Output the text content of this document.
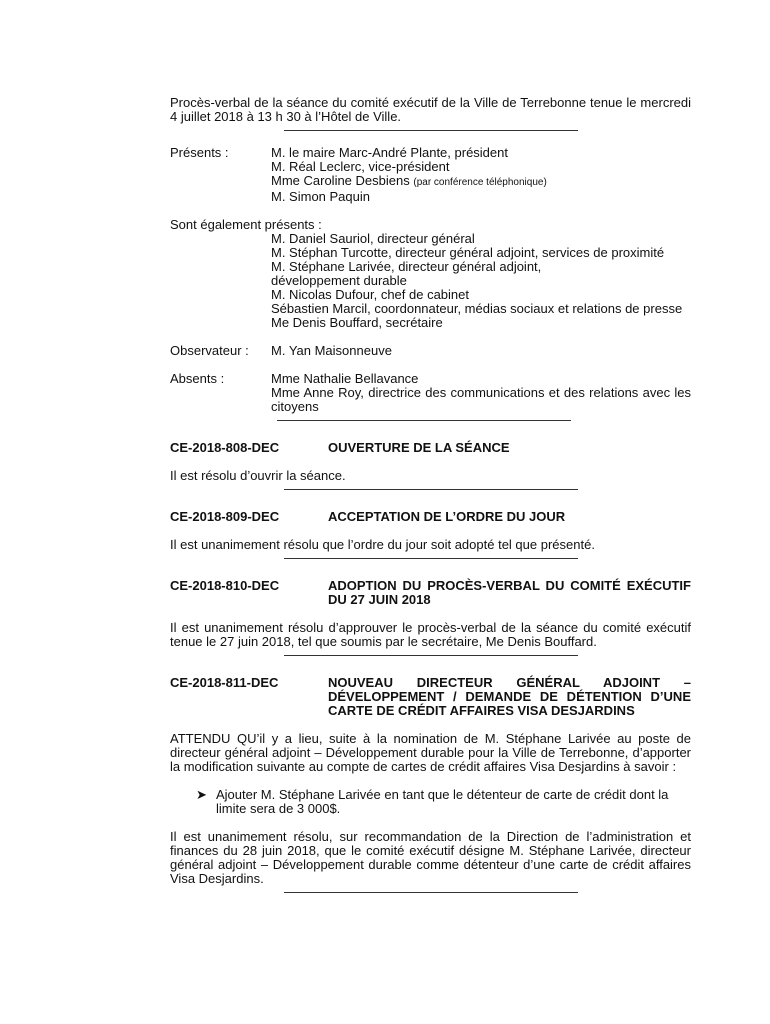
Procès-verbal de la séance du comité exécutif de la Ville de Terrebonne tenue le mercredi 4 juillet 2018 à 13 h 30 à l’Hôtel de Ville.
Présents :	M. le maire Marc-André Plante, président
M. Réal Leclerc, vice-président
Mme Caroline Desbiens (par conférence téléphonique)
M. Simon Paquin
Sont également présents :
M. Daniel Sauriol, directeur général
M. Stéphan Turcotte, directeur général adjoint, services de proximité
M. Stéphane Larivée, directeur général adjoint,
développement durable
M. Nicolas Dufour, chef de cabinet
Sébastien Marcil, coordonnateur, médias sociaux et relations de presse
Me Denis Bouffard, secrétaire
Observateur :	M. Yan Maisonneuve
Absents :	Mme Nathalie Bellavance
Mme Anne Roy, directrice des communications et des relations avec les citoyens
CE-2018-808-DEC	OUVERTURE DE LA SÉANCE
Il est résolu d’ouvrir la séance.
CE-2018-809-DEC	ACCEPTATION DE L’ORDRE DU JOUR
Il est unanimement résolu que l’ordre du jour soit adopté tel que présenté.
CE-2018-810-DEC	ADOPTION DU PROCÈS-VERBAL DU COMITÉ EXÉCUTIF DU 27 JUIN 2018
Il est unanimement résolu d’approuver le procès-verbal de la séance du comité exécutif tenue le 27 juin 2018, tel que soumis par le secrétaire, Me Denis Bouffard.
CE-2018-811-DEC	NOUVEAU DIRECTEUR GÉNÉRAL ADJOINT – DÉVELOPPEMENT / DEMANDE DE DÉTENTION D’UNE CARTE DE CRÉDIT AFFAIRES VISA DESJARDINS
ATTENDU QU’il y a lieu, suite à la nomination de M. Stéphane Larivée au poste de directeur général adjoint – Développement durable pour la Ville de Terrebonne, d’apporter la modification suivante au compte de cartes de crédit affaires Visa Desjardins à savoir :
➤ Ajouter M. Stéphane Larivée en tant que le détenteur de carte de crédit dont la limite sera de 3 000$.
Il est unanimement résolu, sur recommandation de la Direction de l’administration et finances du 28 juin 2018, que le comité exécutif désigne M. Stéphane Larivée, directeur général adjoint – Développement durable comme détenteur d’une carte de crédit affaires Visa Desjardins.
